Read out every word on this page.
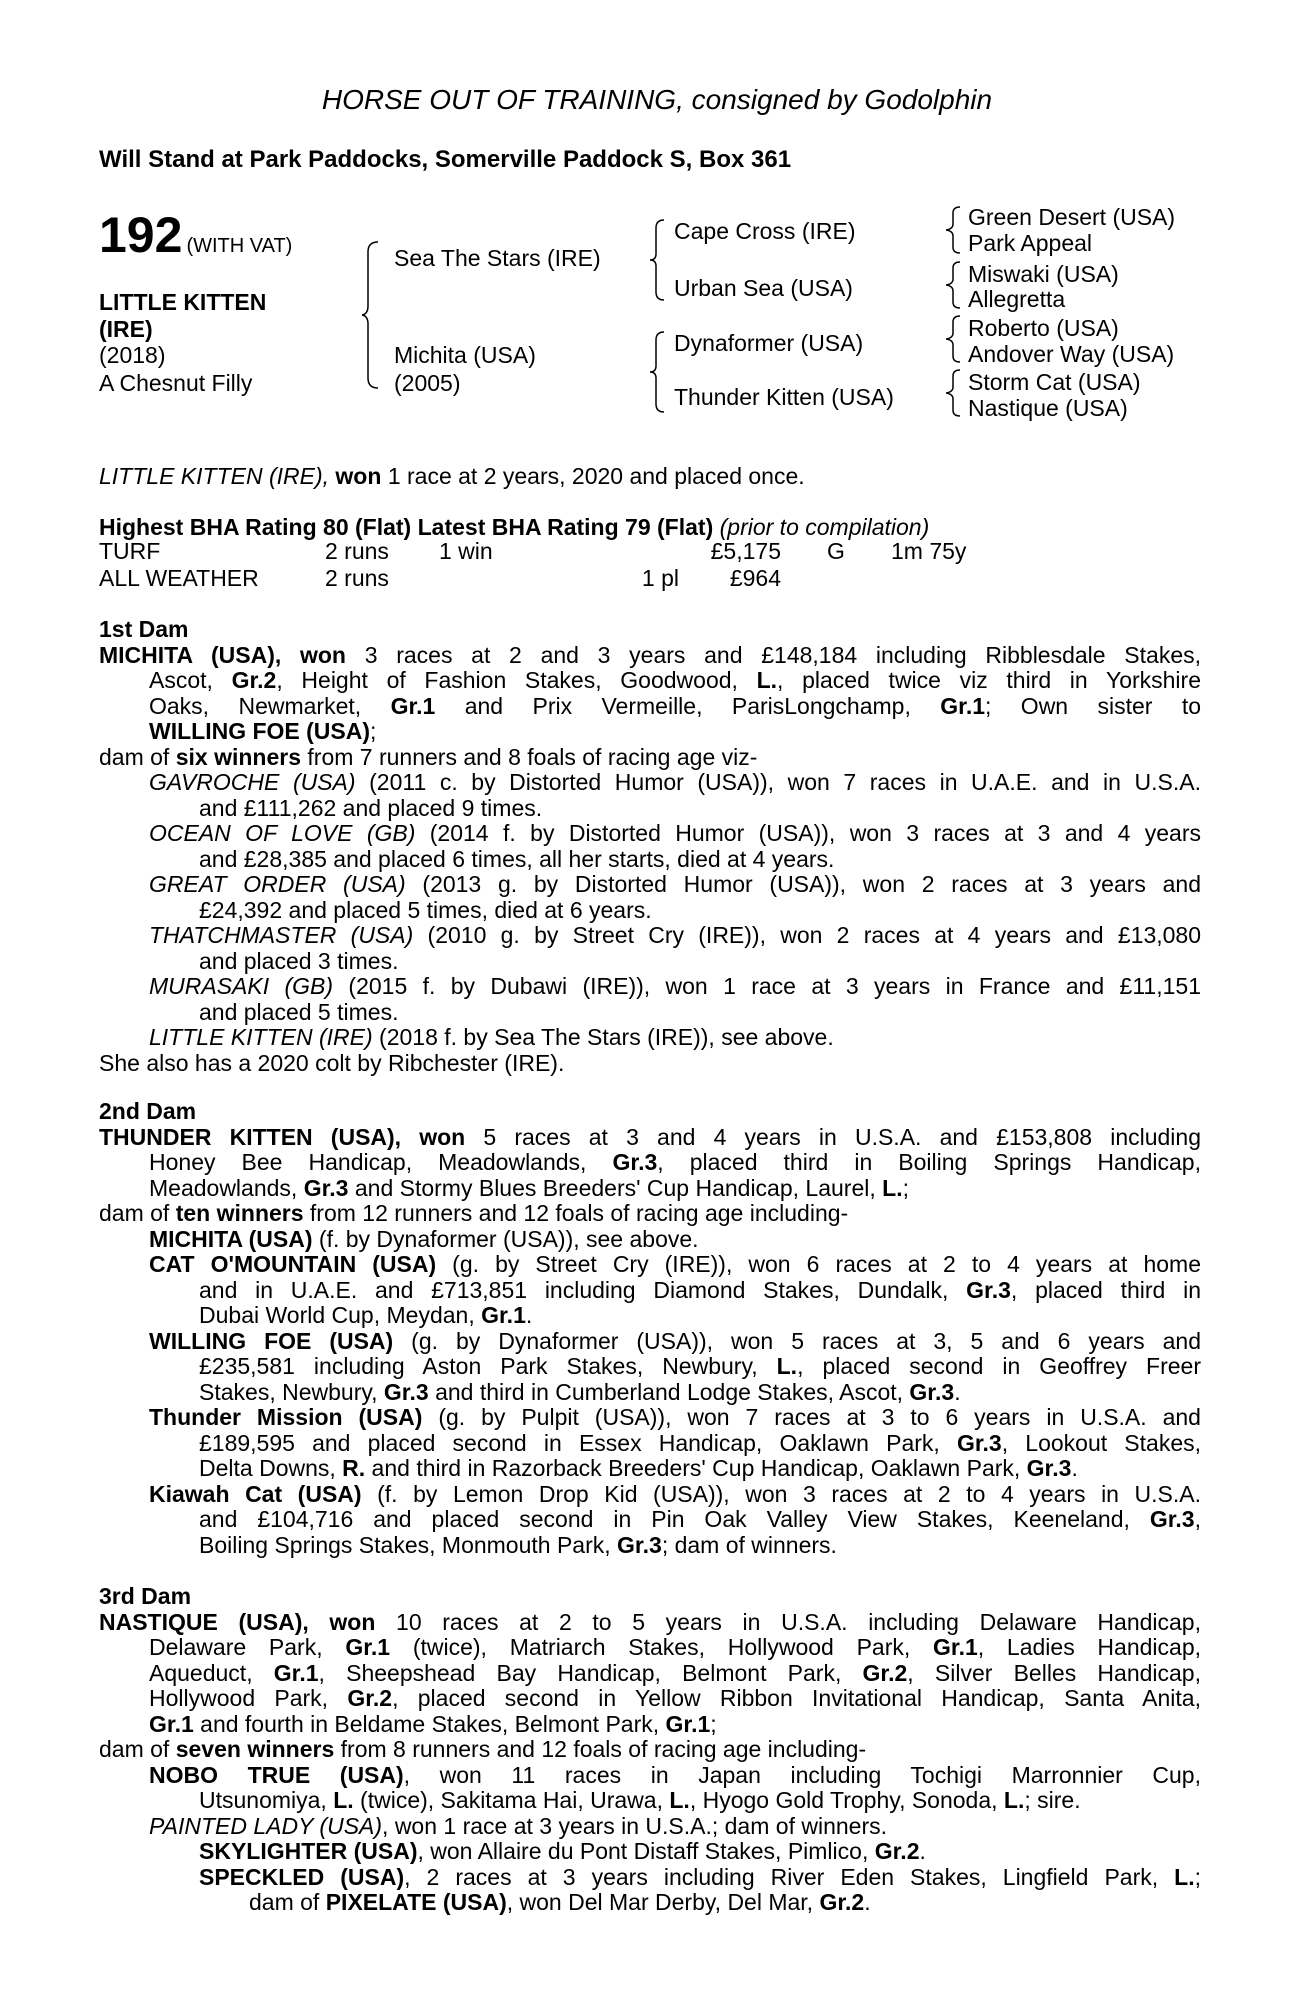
HORSE OUT OF TRAINING, consigned by Godolphin
Will Stand at Park Paddocks, Somerville Paddock S, Box 361
192 (WITH VAT)
LITTLE KITTEN
(IRE)
(2018)
A Chesnut Filly
Sea The Stars (IRE)
Michita (USA)
(2005)
Cape Cross (IRE)
Urban Sea (USA)
Dynaformer (USA)
Thunder Kitten (USA)
Green Desert (USA)
Park Appeal
Miswaki (USA)
Allegretta
Roberto (USA)
Andover Way (USA)
Storm Cat (USA)
Nastique (USA)
LITTLE KITTEN (IRE), won 1 race at 2 years, 2020 and placed once.
Highest BHA Rating 80 (Flat) Latest BHA Rating 79 (Flat) (prior to compilation)
TURF	2 runs	1 win		£5,175	G	1m 75y
ALL WEATHER	2 runs		1 pl	£964		
1st Dam
MICHITA (USA), won 3 races at 2 and 3 years and £148,184 including Ribblesdale Stakes,
Ascot, Gr.2, Height of Fashion Stakes, Goodwood, L., placed twice viz third in Yorkshire
Oaks, Newmarket, Gr.1 and Prix Vermeille, ParisLongchamp, Gr.1; Own sister to
WILLING FOE (USA);
dam of six winners from 7 runners and 8 foals of racing age viz-
GAVROCHE (USA) (2011 c. by Distorted Humor (USA)), won 7 races in U.A.E. and in U.S.A.
and £111,262 and placed 9 times.
OCEAN OF LOVE (GB) (2014 f. by Distorted Humor (USA)), won 3 races at 3 and 4 years
and £28,385 and placed 6 times, all her starts, died at 4 years.
GREAT ORDER (USA) (2013 g. by Distorted Humor (USA)), won 2 races at 3 years and
£24,392 and placed 5 times, died at 6 years.
THATCHMASTER (USA) (2010 g. by Street Cry (IRE)), won 2 races at 4 years and £13,080
and placed 3 times.
MURASAKI (GB) (2015 f. by Dubawi (IRE)), won 1 race at 3 years in France and £11,151
and placed 5 times.
LITTLE KITTEN (IRE) (2018 f. by Sea The Stars (IRE)), see above.
She also has a 2020 colt by Ribchester (IRE).
2nd Dam
THUNDER KITTEN (USA), won 5 races at 3 and 4 years in U.S.A. and £153,808 including
Honey Bee Handicap, Meadowlands, Gr.3, placed third in Boiling Springs Handicap,
Meadowlands, Gr.3 and Stormy Blues Breeders' Cup Handicap, Laurel, L.;
dam of ten winners from 12 runners and 12 foals of racing age including-
MICHITA (USA) (f. by Dynaformer (USA)), see above.
CAT O'MOUNTAIN (USA) (g. by Street Cry (IRE)), won 6 races at 2 to 4 years at home
and in U.A.E. and £713,851 including Diamond Stakes, Dundalk, Gr.3, placed third in
Dubai World Cup, Meydan, Gr.1.
WILLING FOE (USA) (g. by Dynaformer (USA)), won 5 races at 3, 5 and 6 years and
£235,581 including Aston Park Stakes, Newbury, L., placed second in Geoffrey Freer
Stakes, Newbury, Gr.3 and third in Cumberland Lodge Stakes, Ascot, Gr.3.
Thunder Mission (USA) (g. by Pulpit (USA)), won 7 races at 3 to 6 years in U.S.A. and
£189,595 and placed second in Essex Handicap, Oaklawn Park, Gr.3, Lookout Stakes,
Delta Downs, R. and third in Razorback Breeders' Cup Handicap, Oaklawn Park, Gr.3.
Kiawah Cat (USA) (f. by Lemon Drop Kid (USA)), won 3 races at 2 to 4 years in U.S.A.
and £104,716 and placed second in Pin Oak Valley View Stakes, Keeneland, Gr.3,
Boiling Springs Stakes, Monmouth Park, Gr.3; dam of winners.
3rd Dam
NASTIQUE (USA), won 10 races at 2 to 5 years in U.S.A. including Delaware Handicap,
Delaware Park, Gr.1 (twice), Matriarch Stakes, Hollywood Park, Gr.1, Ladies Handicap,
Aqueduct, Gr.1, Sheepshead Bay Handicap, Belmont Park, Gr.2, Silver Belles Handicap,
Hollywood Park, Gr.2, placed second in Yellow Ribbon Invitational Handicap, Santa Anita,
Gr.1 and fourth in Beldame Stakes, Belmont Park, Gr.1;
dam of seven winners from 8 runners and 12 foals of racing age including-
NOBO TRUE (USA), won 11 races in Japan including Tochigi Marronnier Cup,
Utsunomiya, L. (twice), Sakitama Hai, Urawa, L., Hyogo Gold Trophy, Sonoda, L.; sire.
PAINTED LADY (USA), won 1 race at 3 years in U.S.A.; dam of winners.
SKYLIGHTER (USA), won Allaire du Pont Distaff Stakes, Pimlico, Gr.2.
SPECKLED (USA), 2 races at 3 years including River Eden Stakes, Lingfield Park, L.;
dam of PIXELATE (USA), won Del Mar Derby, Del Mar, Gr.2.
